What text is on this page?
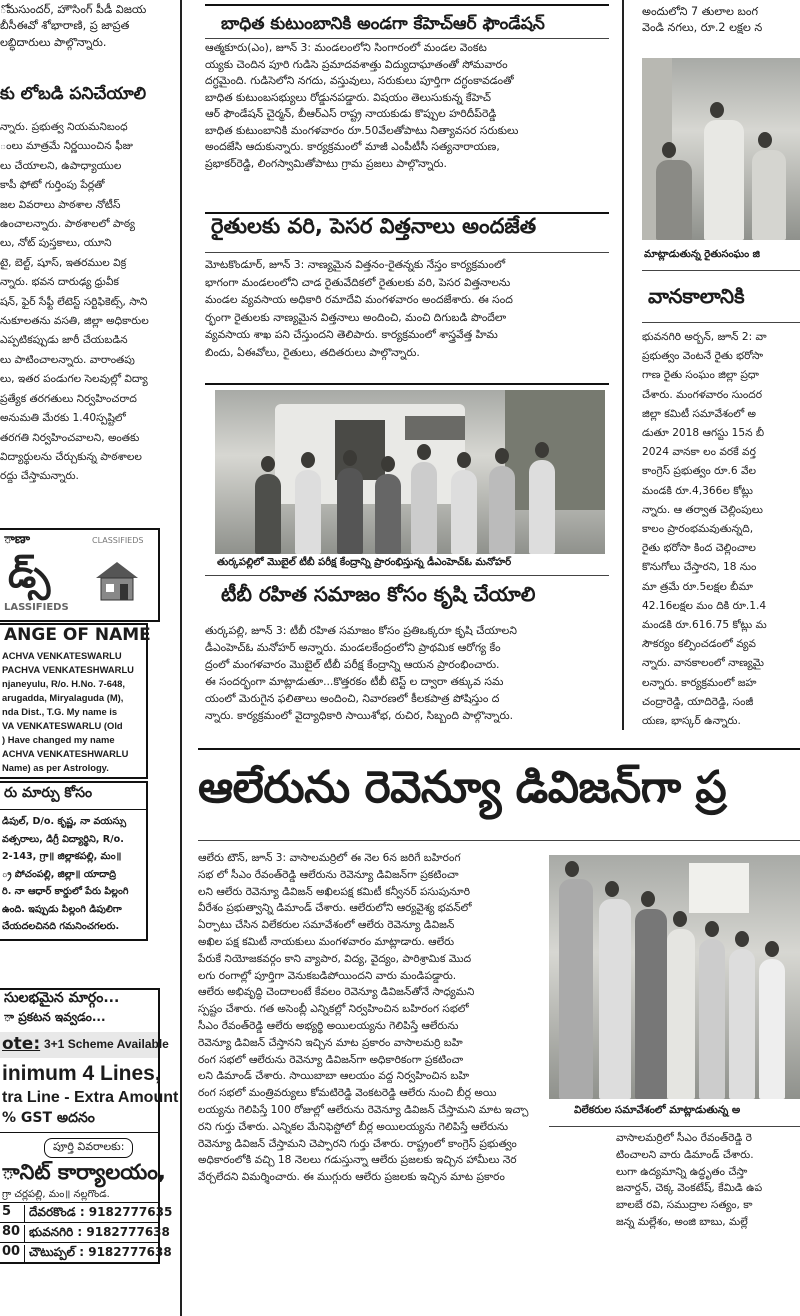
ోమసుందర్, హౌసింగ్ పీడీ విజయ
బీసీఈవో శోభారాణి, ప్ర జాప్రత
లబ్ధిదారులు పాల్గొన్నారు.

కు లోబడి పనిచేయాలి

న్నారు. ప్రభుత్వ నియమనిబంధ
ంలు మాత్రమే నిర్ణయించిన ఫీజు
లు చేయాలని, ఉపాధ్యాయుల
కాపీ ఫోటో గుర్తింపు పేర్లతో
జల వివరాలు పాఠశాల నోటీస్
ఉంచాలన్నారు. పాఠశాలలో పాఠ్య
లు, నోట్ పుస్తకాలు, యూని
టై, బెల్ట్, షూస్, ఇతరముల విక్ర
న్నారు. భవన దారుఢ్య ధ్రువీక
షన్, ఫైర్ సేఫ్టీ లేటెస్ట్ సర్టిఫికెట్స్, సాని
నుకూలతను వసతి, జిల్లా అధికారుల
ఎప్పటికప్పుడు జారీ చేయబడిన
లు పాటించాలన్నారు. వారాంతపు
లు, ఇతర పండుగల సెలవుల్లో విద్యా
ప్రత్యేక తరగతులు నిర్వహించరాద
అనుమతి మేరకు 1.40స్పష్టిలో
తరగతి నిర్వహించవాలని, అంతకు
విద్యార్థులను చేర్చుకున్న పాఠశాలల
రద్దు చేస్తామన్నారు.

ాణా	CLASSIFIEDS
డ్స్
LASSIFIEDS
ANGE OF NAME

ACHVA VENKATESWARLU
PACHVA VENKATESHWARLU
njaneyulu, R/o. H.No. 7-648,
arugadda, Miryalaguda (M),
nda Dist., T.G. My name is
VA VENKATESWARLU (Old
) Have changed my name
ACHVA VENKATESHWARLU
Name) as per Astrology.

రు మార్పు కోసం

డిపుల్, D/o. కృష్ణ, నా వయస్సు
వత్సరాలు, డిగ్రీ విద్యార్థిని, R/o.
2-143, గ్రా॥ జిల్లాకపల్లి, మం॥
్ర పోచంపల్లి, జిల్లా॥ యాదాద్రి
రి. నా ఆధార్ కార్డులో పేరు పిల్లంగి
ఉంది. ఇప్పుడు పిల్లంగి డిపులిగా
చేయదలచినది గమనించగలరు.

సులభమైన మార్గం...
ా ప్రకటన ఇవ్వడం...
ote: 3+1 Scheme Available
inimum 4 Lines,
tra Line - Extra Amount
% GST అదనం
పూర్తి వివరాలకు:
ానిట్ కార్యాలయం,
గ్రా చర్లపల్లి, మం॥ నల్లగొండ.
5	దేవరకొండ : 9182777635
80 భువనగిరి : 9182777638
00 చౌటుప్పల్ : 9182777638
బాధిత కుటుంబానికి అండగా కేహెచ్ఆర్ ఫౌండేషన్

ఆత్మకూరు(ఎం), జూన్ 3: మండలంలోని సింగారంలో మండల వెంకట
య్యకు చెందిన పూరి గుడిసె ప్రమాదవశాత్తు విద్యుదాఘాతంతో సోమవారం
దగ్ధమైంది. గుడిసెలోని నగదు, వస్తువులు, సరుకులు పూర్తిగా దగ్ధంకావడంతో
బాధిత కుటుంబసభ్యులు రోడ్డునపడ్డారు. విషయం తెలుసుకున్న కేహెచ్
ఆర్ ఫౌండేషన్ చైర్మన్, బీఆర్ఎస్ రాష్ట్ర నాయకుడు కొప్పుల హరిదీప్‌రెడ్డి
బాధిత కుటుంబానికి మంగళవారం రూ.50వేలతోపాటు నిత్యావసర సరుకులు
అందజేసి ఆదుకున్నారు. కార్యక్రమంలో మాజీ ఎంపీటీసీ సత్యనారాయణ,
ప్రభాకర్‌రెడ్డి, లింగస్వామితోపాటు గ్రామ ప్రజలు పాల్గొన్నారు.

రైతులకు వరి, పెసర విత్తనాలు అందజేత

మోటకొండూర్, జూన్ 3: నాణ్యమైన విత్తనం-రైతన్నకు నేస్తం కార్యక్రమంలో
భాగంగా మండలంలోని చాడ రైతువేదికలో రైతులకు వరి, పెసర విత్తనాలను
మండల వ్యవసాయ అధికారి రమాదేవి మంగళవారం అందజేశారు. ఈ సంద
ర్భంగా రైతులకు నాణ్యమైన విత్తనాలు అందించి, మంచి దిగుబడి పొందేలా
వ్యవసాయ శాఖ పని చేస్తుందని తెలిపారు. కార్యక్రమంలో శాస్త్రవేత్త హిమ
బిందు, ఏఈవోలు, రైతులు, తదితరులు పాల్గొన్నారు.

తుర్కపల్లిలో మొబైల్ టీబీ పరీక్ష కేంద్రాన్ని ప్రారంభిస్తున్న డీఎంహెచ్ఓ మనోహర్
టీబీ రహిత సమాజం కోసం కృషి చేయాలి

తుర్కపల్లి, జూన్ 3: టీబీ రహిత సమాజం కోసం ప్రతిఒక్కరూ కృషి చేయాలని
డీఎంహెచ్ఓ మనోహర్ అన్నారు. మండలకేంద్రంలోని ప్రాథమిక ఆరోగ్య కేం
ద్రంలో మంగళవారం మొబైల్ టీబీ పరీక్ష కేంద్రాన్ని ఆయన ప్రారంభించారు.
ఈ సందర్భంగా మాట్లాడుతూ...కొత్తరకం టీబీ టెస్ట్ ల ద్వారా తక్కువ సమ
యంలో మెరుగైన ఫలితాలు అందించి, నివారణలో కీలకపాత్ర పోషిస్తుం ద
న్నారు. కార్యక్రమంలో వైద్యాధికారి సాయిశోభ, రుచిర, సిబ్బంది పాల్గొన్నారు.

అందులోని 7 తులాల బంగ
వెండి నగలు, రూ.2 లక్షల న

మాట్లాడుతున్న రైతుసంఘం జి
వానకాలానికి

భువనగిరి అర్బన్, జూన్ 2: వా
ప్రభుత్వం వెంటనే రైతు భరోసా
గాణ రైతు సంఘం జిల్లా ప్రధా
చేశారు. మంగళవారం సుందర
జిల్లా కమిటీ సమావేశంలో అ
డుతూ 2018 ఆగస్టు 15న బీ
2024 వానకా లం వరకే వర్త
కాంగ్రెస్ ప్రభుత్వం రూ.6 వేల
మండకి రూ.4,366ల కోట్లు
న్నారు. ఆ తర్వాత చెల్లింపులు
కాలం ప్రారంభమవుతున్నది,
రైతు భరోసా కింద చెల్లించాల
కొనుగోలు చేస్తారని, 18 నుం
మా త్రమే రూ.5లక్షల బీమా
42.16లక్షల మం దికి రూ.1.4
మండకి రూ.616.75 కోట్లు మ
సౌకర్యం కల్పించడంలో వ్యవ
న్నారు. వానకాలంలో నాణ్యమై
లన్నారు. కార్యక్రమంలో జహ
చంద్రారెడ్డి, యాదిరెడ్డి, సంజీ
యణ, భాస్కర్ ఉన్నారు.

ఆలేరును రెవెన్యూ డివిజన్‌గా ప్ర

ఆలేరు టౌన్, జూన్ 3: వాసాలమర్రిలో ఈ నెల 6న జరిగే బహిరంగ
సభ లో సీఎం రేవంత్‌రెడ్డి ఆలేరును రెవెన్యూ డివిజన్‌గా ప్రకటించా
లని ఆలేరు రెవెన్యూ డివిజన్ అఖిలపక్ష కమిటీ కన్వీనర్ పసుపునూరి
వీరేశం ప్రభుత్వాన్ని డిమాండ్ చేశారు. ఆలేరులోని ఆర్యవైశ్య భవన్‌లో
ఏర్పాటు చేసిన విలేకరుల సమావేశంలో ఆలేరు రెవెన్యూ డివిజన్
అఖిల పక్ష కమిటీ నాయకులు మంగళవారం మాట్లాడారు. ఆలేరు
పేరుకే నియోజకవర్గం కాని వ్యాపార, విద్య, వైద్యం, పారిశ్రామిక మొద
లగు రంగాల్లో పూర్తిగా వెనుకబడిపోయిందని వారు మండిపడ్డారు.
ఆలేరు అభివృద్ధి చెందాలంటే కేవలం రెవెన్యూ డివిజన్‌తోనే సాధ్యమని
స్పష్టం చేశారు. గత అసెంబ్లీ ఎన్నికల్లో నిర్వహించిన బహిరంగ సభలో
సీఎం రేవంత్‌రెడ్డి ఆలేరు అభ్యర్థి అయిలయ్యను గెలిపిస్తే ఆలేరును
రెవెన్యూ డివిజన్ చేస్తానని ఇచ్చిన మాట ప్రకారం వాసాలమర్రి బహి
రంగ సభలో ఆలేరును రెవెన్యూ డివిజన్‌గా అధికారికంగా ప్రకటించా
లని డిమాండ్ చేశారు. సాయిబాబా ఆలయం వద్ద నిర్వహించిన బహి
రంగ సభలో మంత్రివర్యులు కోమటిరెడ్డి వెంకటరెడ్డి ఆలేరు నుంచి బీర్ల అయి
లయ్యను గెలిపిస్తే 100 రోజుల్లో ఆలేరును రెవెన్యూ డివిజన్ చేస్తామని మాట ఇచ్చా
రని గుర్తు చేశారు. ఎన్నికల మేనిఫెస్టోలో బీర్ల అయిలయ్యను గెలిపిస్తే ఆలేరును
రెవెన్యూ డివిజన్ చేస్తామని చెప్పారని గుర్తు చేశారు. రాష్ట్రంలో కాంగ్రెస్ ప్రభుత్వం
అధికారంలోకి వచ్చి 18 నెలలు గడుస్తున్నా ఆలేరు ప్రజలకు ఇచ్చిన హామీలు నెర
వేర్చలేదని విమర్శించారు. ఈ ముగ్గురు ఆలేరు ప్రజలకు ఇచ్చిన మాట ప్రకారం

విలేకరుల సమావేశంలో మాట్లాడుతున్న అ

వాసాలమర్రిలో సీఎం రేవంత్‌రెడ్డి రె
టించాలని వారు డిమాండ్ చేశారు.
లుగా ఉద్యమాన్ని ఉద్ధృతం చేస్తా
జనార్దన్, చెక్క వెంకటేష్, కేమిడి ఉప
బాలబే రవి, సముద్రాల సత్యం, కా
జన్న మల్లేశం, అంజి బాబు, మల్లే
